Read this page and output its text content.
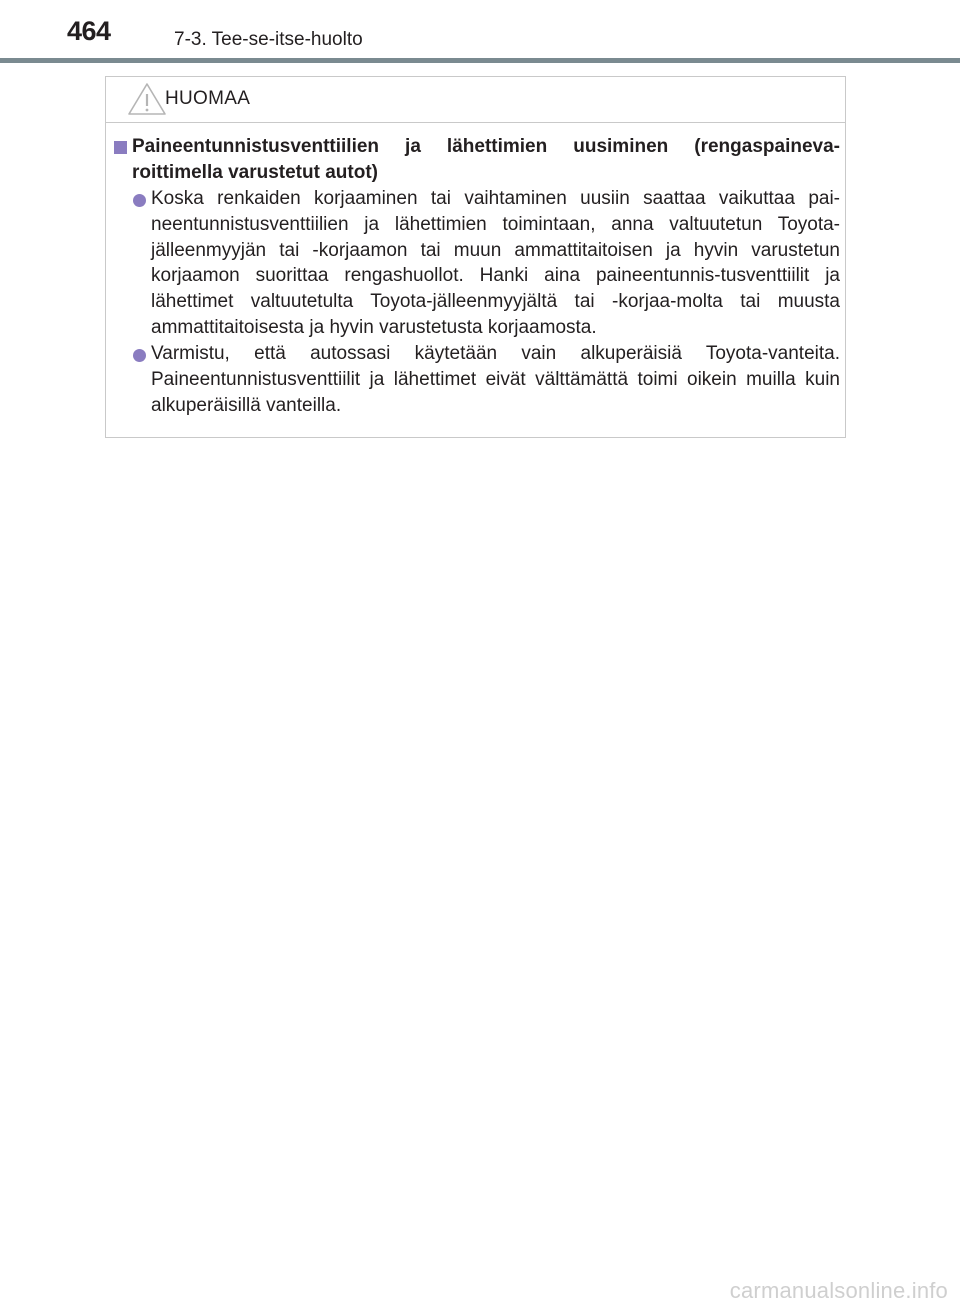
464	7-3. Tee-se-itse-huolto
HUOMAA
Paineentunnistusventtiilien ja lähettimien uusiminen (rengaspaineva-roittimella varustetut autot)
Koska renkaiden korjaaminen tai vaihtaminen uusiin saattaa vaikuttaa pai-neentunnistusventtiilien ja lähettimien toimintaan, anna valtuutetun Toyota-jälleenmyyjän tai -korjaamon tai muun ammattitaitoisen ja hyvin varustetun korjaamon suorittaa rengashuollot. Hanki aina paineentunnis-tusventtiilit ja lähettimet valtuutetulta Toyota-jälleenmyyjältä tai -korjaa-molta tai muusta ammattitaitoisesta ja hyvin varustetusta korjaamosta.
Varmistu, että autossasi käytetään vain alkuperäisiä Toyota-vanteita. Paineentunnistusventtiilit ja lähettimet eivät välttämättä toimi oikein muilla kuin alkuperäisillä vanteilla.
carmanualsonline.info
